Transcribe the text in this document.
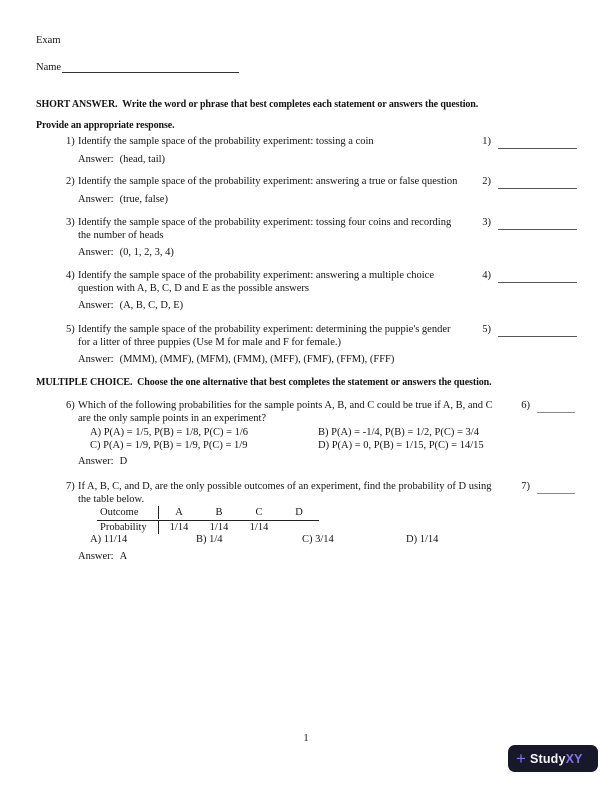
Exam
Name
SHORT ANSWER.  Write the word or phrase that best completes each statement or answers the question.
Provide an appropriate response.
1) Identify the sample space of the probability experiment: tossing a coin
Answer: (head, tail)
1)
2) Identify the sample space of the probability experiment: answering a true or false question
Answer: (true, false)
2)
3) Identify the sample space of the probability experiment: tossing four coins and recording
the number of heads
Answer: (0, 1, 2, 3, 4)
3)
4) Identify the sample space of the probability experiment: answering a multiple choice
question with A, B, C, D and E as the possible answers
Answer: (A, B, C, D, E)
4)
5) Identify the sample space of the probability experiment: determining the puppie's gender
for a litter of three puppies (Use M for male and F for female.)
Answer: (MMM), (MMF), (MFM), (FMM), (MFF), (FMF), (FFM), (FFF)
5)
MULTIPLE CHOICE.  Choose the one alternative that best completes the statement or answers the question.
6) Which of the following probabilities for the sample points A, B, and C could be true if A, B, and C
are the only sample points in an experiment?
A) P(A) = 1/5, P(B) = 1/8, P(C) = 1/6	B) P(A) = -1/4, P(B) = 1/2, P(C) = 3/4
C) P(A) = 1/9, P(B) = 1/9, P(C) = 1/9	D) P(A) = 0, P(B) = 1/15, P(C) = 14/15
Answer: D
6)
7) If A, B, C, and D, are the only possible outcomes of an experiment, find the probability of D using
the table below.
Outcome	A	B	C	D
Probability	1/14	1/14	1/14
A) 11/14	B) 1/4	C) 3/14	D) 1/14
Answer: A
7)
1
+ Study XY
